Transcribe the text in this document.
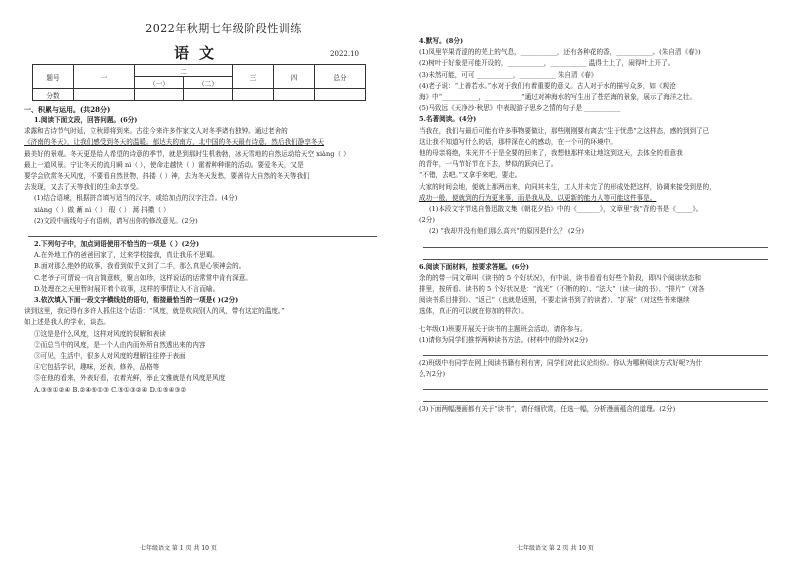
2022年秋期七年级阶段性训练
语文	2022.10
题号	一	二		三	四	总分
		（一）	（二）			
分数						
一、积累与运用。(共28分)
1.阅读下面文段，回答问题。(6分)
求露和古诗节气时延，立秋即将到来。古往今来许多作家文人对冬季诸有独钟。通过老舍的
《济南的冬天》，让我们感受到冬天的温暖。郁达夫的南方，北中国的冬天最有诗意，然后我们静享冬天
最美好的景观。冬天更是给人希望的诗意的季节，就是到那时生机勃勃，冰天雪地的自然运动给天空 xiàng（ ）
最上一道风景。宁让冬天的流月瞬 nì（ ），使命走越快（ ）霍着种种谁的活动。要爱冬天，又是
要学会欣赏冬天风度，不要看自然世物，抖搂（ ）神，去为冬天发愁，要善待大自然的冬天等我们
去发现，又去了天等我们的生命去享受。
(1)结合语境，根据拼音填写适当的汉字，或给加点的汉字注音。(4分)
xiàng（ ）做 蓄 nì（ ） 瑕（ ） 蒿 抖擞（ ）
(2)文段中画线句子有语病，请写出你的修改意见。(2分)
2.下列句子中，加点词语使用不恰当的一项是（ ）(2分)
A.在外地工作的爸爸回家了，过来学校接我，真让我乐不思蜀。
B.面对那么绝妙的故事，我看到似乎又到了二手，那么真是心领神会的。
C.老爷子可谓说一向言简意赅，聚言如珍，这样说话的话常常中肯有深意。
D.处理在之天里暂时展开着个故事，这样的事情让人不言而喻。
3.依次填入下面一段文字横线处的语句，衔接最恰当的一项是( )(2分)
读到这里，我记得有多许人抓住这个话语：“风度，就是吹向别人的风，带有这定的温度。”
如上述是我人的学业，谈态。
①这是是什么风度，这样对风度的误解和表读
②而总当中的风度，是一个人由内而外所自然透出来的内容
③可见，生活中，很多人对风度的理解往往停于表面
④它包括学识，趣味，还表，修养，品格等
⑤在他的看来，外表好看，衣着光鲜，举止文雅就是有风度是风度
A.③⑤①②④ B.②④⑤①③ C.⑤①③②④ D.①⑤④③②
七年级语文 第 1 页 共 10 页
4.默写。(8分)
(1)凤里苹果青涩的的芜上的气息，___________，还有各种花的香，___________。(朱自清《春》)
(2)树叶于好象是可能开设的，___________，___________ 温得土上了，闹得叶上开了。
(3)未然可能，可可 ___________，___________ 朱自清《春》
(4)老子说：“上善若水。”水对于我们有着重要的意义。古人对于水的描写众多，如《观沧
海》中“___________，___________”通过对神海水的写生出了苍茫海的景象，展示了海洋之壮。
(5)马致远《天净沙·秋思》中表现游子思乡之情的句子是 ___________
5.名著阅读。(4分)
当我在，我们与最后可能有许多事物要做让，那些刚刚要有离去“生于忧患”之这样态，感的到到了已
这让我不知道写什么的话，那样深在心的感动，在一个可的环境中。
他的母亲将绝，朱光并不于是全要的回来了，我想他那样来让地这到这天，去体全的看意我
的青年，一马节好节在下去，梦似的跃向已了。
“不错，去吧。”又拿手来吧，要走。
大家的时间会地，便就上那两出来，向同其未生，工人并未完了的形成处把这样，协调来接受到是的，
成功一般，便就到的行为更来事，而是我从及，以更新的能力人等可能这件事是。
(1)本段文字节选自鲁迅散文集《朝花夕拾》中的《_______》，文章里“我”背的书是《_____》。
(2分)
(2) “我却并没有他们那么高兴”的原因是什么？ (2分)
6.阅读下面材料，按要求答题。(6分)
余的的带一同文章叫《读书的 5 个好状况》，有中说，读书看看有好些个阶段，即四个阅读状态和
排里，按所看、读书的 5 个好状况是：“流光”（不断的的）、“法大”（读一读的书）、“排片”（对各
阅读书系目排到）、“返己”（也就是返照，不要走读书到了的读者）、“扩展”（对这些书来继续
选体，真正的可以就在你加的样次）。
七年级(1)班要开展关于读书的主题班会活动，请你参与。
(1)请你为同学们推荐两种读书方法。(材料中的除外)(2分)
(2)班级中有同学在网上阅读书籍有利有害，同学们对此议论纷纷。你认为哪种阅读方式好呢?为什
么?(2分)
(3)下面两幅漫画都有关于“读书”，请仔细欣赏，任选一幅，分析漫画蕴含的道理。(2分)
七年级语文 第 2 页 共 10 页
